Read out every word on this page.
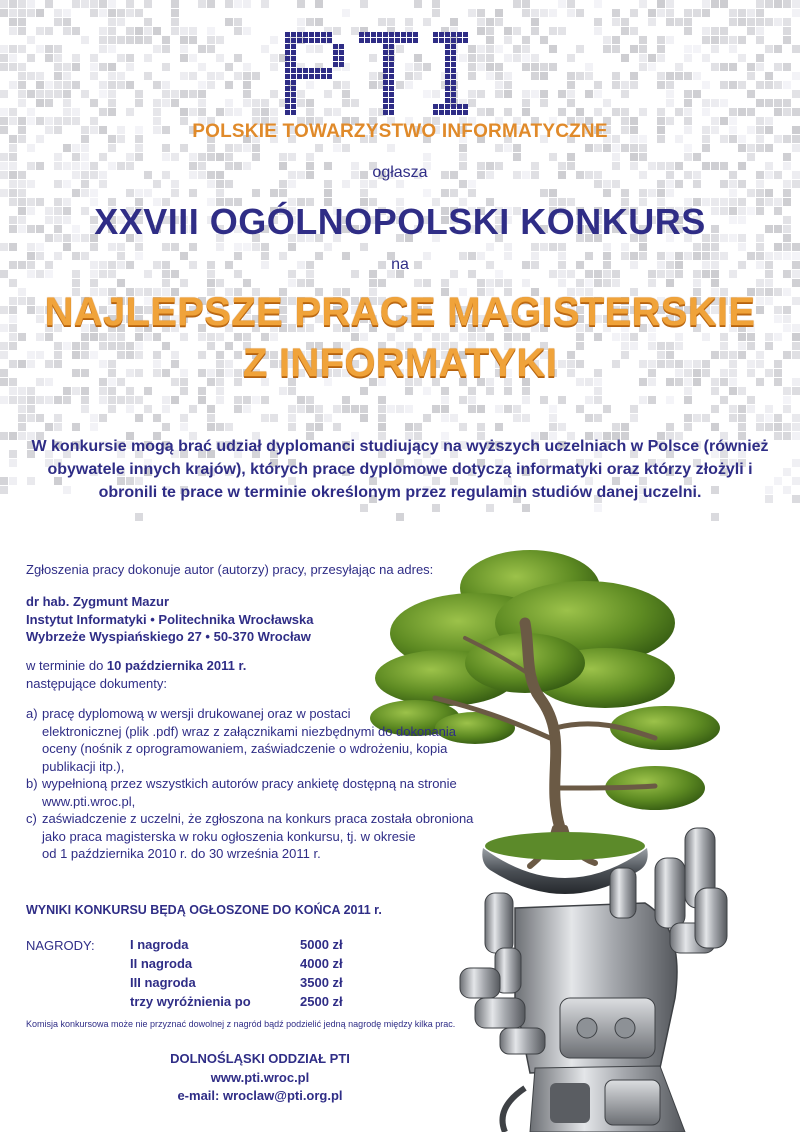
POLSKIE TOWARZYSTWO INFORMATYCZNE
ogłasza
XXVIII OGÓLNOPOLSKI KONKURS
na
NAJLEPSZE PRACE MAGISTERSKIE
Z INFORMATYKI
W konkursie mogą brać udział dyplomanci studiujący na wyższych uczelniach w Polsce (również obywatele innych krajów), których prace dyplomowe dotyczą informatyki oraz którzy złożyli i obronili te prace w terminie określonym przez regulamin studiów danej uczelni.
Zgłoszenia pracy dokonuje autor (autorzy) pracy, przesyłając na adres:
dr hab. Zygmunt Mazur
Instytut Informatyki • Politechnika Wrocławska
Wybrzeże Wyspiańskiego 27 • 50-370 Wrocław
w terminie do 10 października 2011 r.
następujące dokumenty:
a) pracę dyplomową w wersji drukowanej oraz w postaci
elektronicznej (plik .pdf) wraz z załącznikami niezbędnymi do dokonania
oceny (nośnik z oprogramowaniem, zaświadczenie o wdrożeniu, kopia
publikacji itp.),
b) wypełnioną przez wszystkich autorów pracy ankietę dostępną na stronie
www.pti.wroc.pl,
c) zaświadczenie z uczelni, że zgłoszona na konkurs praca została obroniona
jako praca magisterska w roku ogłoszenia konkursu, tj. w okresie
od 1 października 2010 r. do 30 września 2011 r.
WYNIKI KONKURSU BĘDĄ OGŁOSZONE DO KOŃCA 2011 r.
NAGRODY:	I nagroda	5000 zł
II nagroda	4000 zł
III nagroda	3500 zł
trzy wyróżnienia po	2500 zł
Komisja konkursowa może nie przyznać dowolnej z nagród bądź podzielić jedną nagrodę między kilka prac.
DOLNOŚLĄSKI ODDZIAŁ PTI
www.pti.wroc.pl
e-mail: wroclaw@pti.org.pl
